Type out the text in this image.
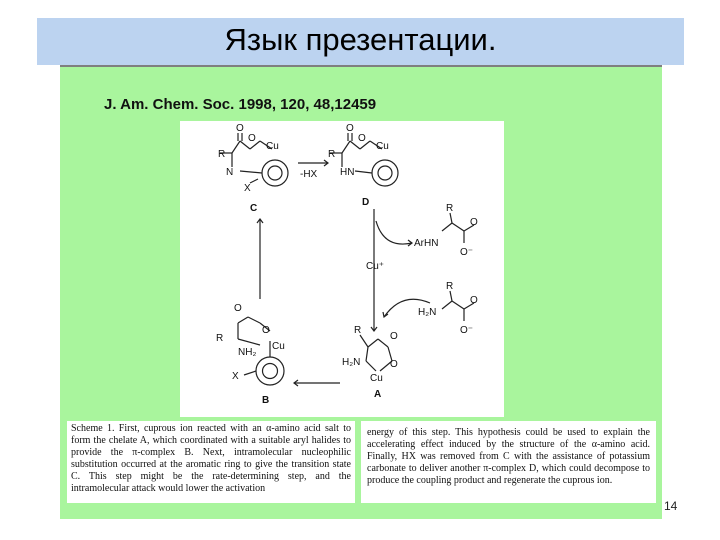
Язык презентации.
J. Am. Chem. Soc. 1998, 120, 48,12459
O
O
R
N
Cu
X
C
-HX
O
O
R
HN
Cu
D
R
ArHN
O
O⁻
Cu⁺
R
H₂N
O
O⁻
R
O
H₂N	O
Cu
A
O
R
O
Cu
NH₂
X
B
Scheme 1. First, cuprous ion reacted with an α-amino acid salt to form the chelate A, which coordinated with a suitable aryl halides to provide the π-complex B. Next, intramolecular nucleophilic substitution occurred at the aromatic ring to give the transition state C. This step might be the rate-determining step, and the intramolecular attack would lower the activation
energy of this step. This hypothesis could be used to explain the accelerating effect induced by the structure of the α-amino acid. Finally, HX was removed from C with the assistance of potassium carbonate to deliver another π-complex D, which could decompose to produce the coupling product and regenerate the cuprous ion.
14
